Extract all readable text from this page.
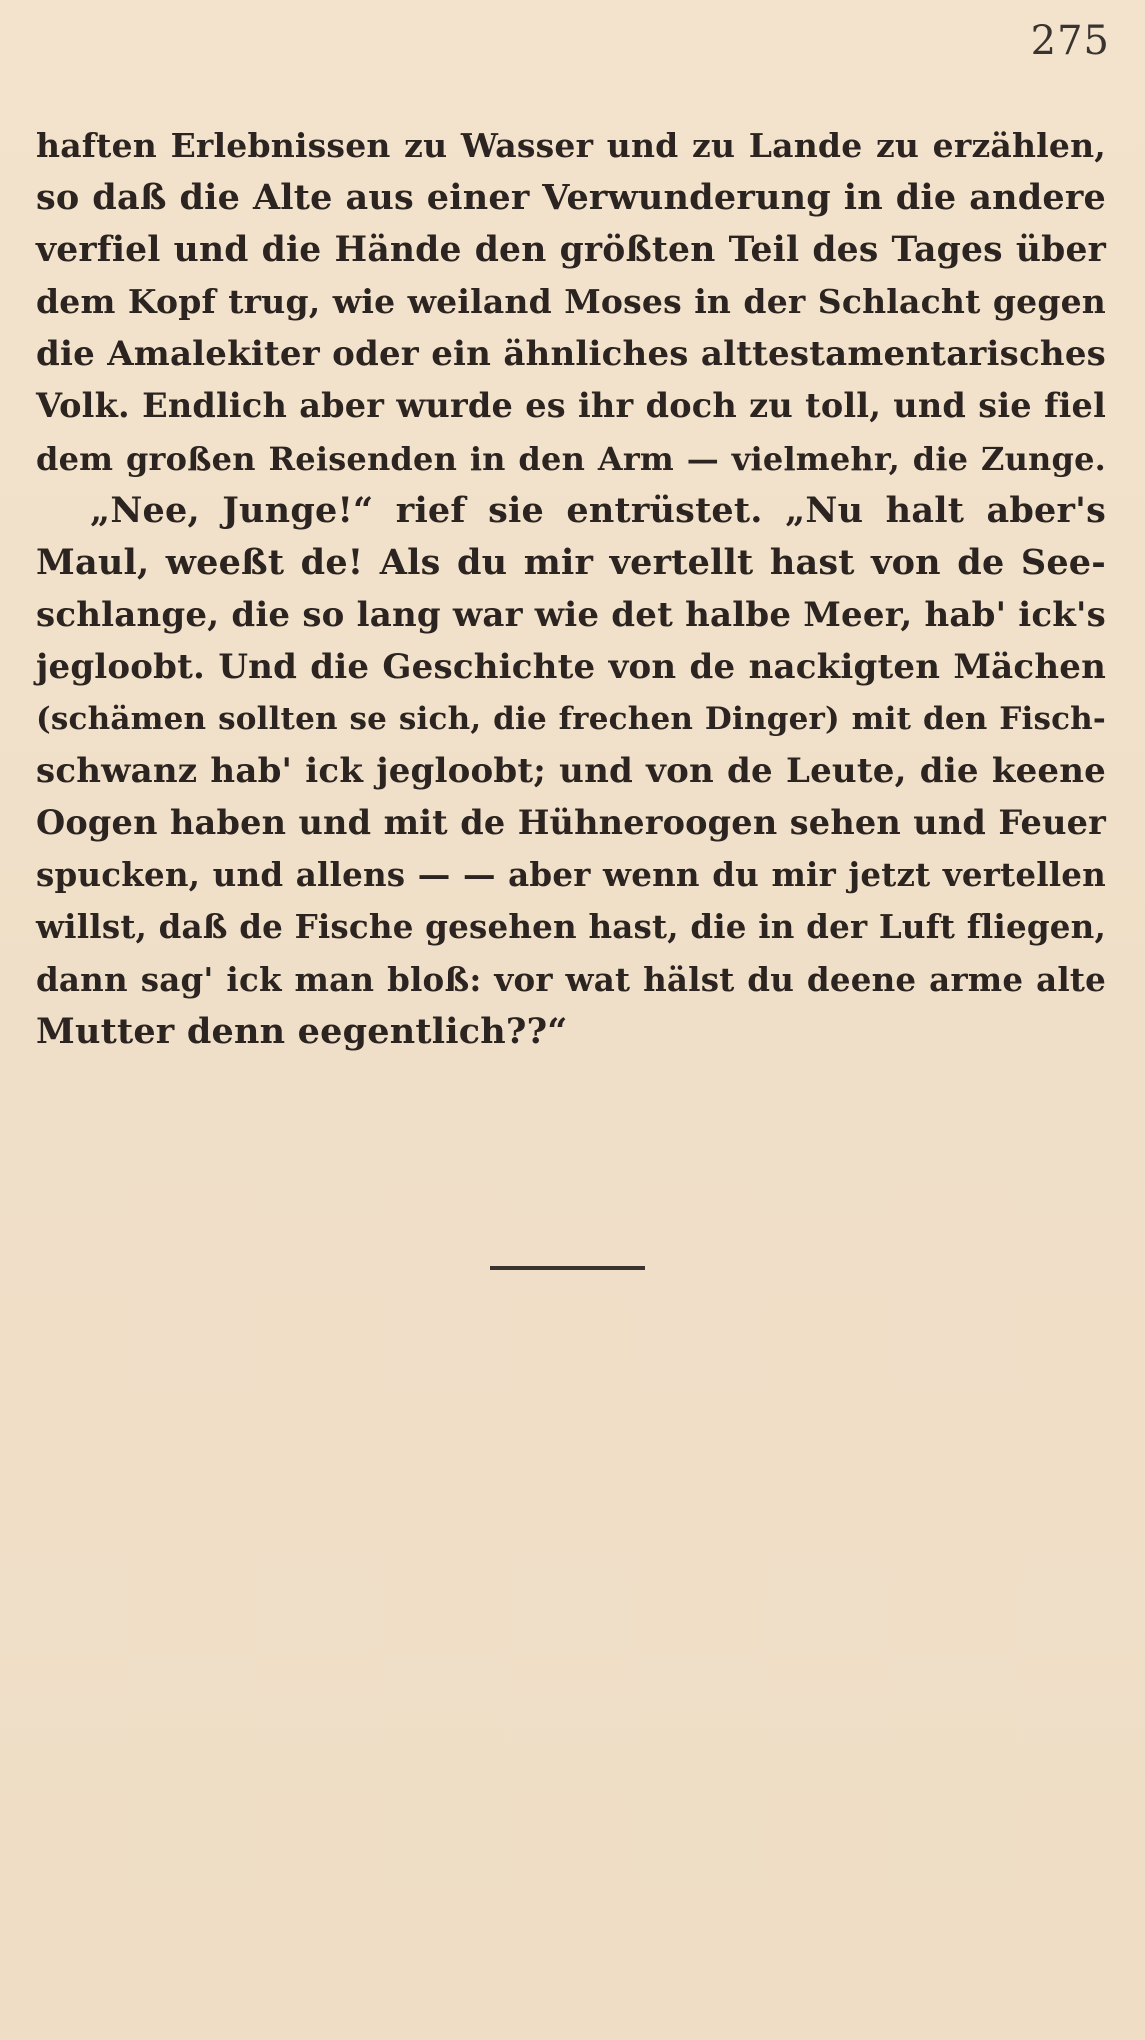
275
haften Erlebnissen zu Wasser und zu Lande zu erzählen,
so daß die Alte aus einer Verwunderung in die andere
verfiel und die Hände den größten Teil des Tages über
dem Kopf trug, wie weiland Moses in der Schlacht gegen
die Amalekiter oder ein ähnliches alttestamentarisches
Volk. Endlich aber wurde es ihr doch zu toll, und sie fiel
dem großen Reisenden in den Arm — vielmehr, die Zunge.
„Nee, Junge!“ rief sie entrüstet. „Nu halt aber's
Maul, weeßt de! Als du mir vertellt hast von de See-
schlange, die so lang war wie det halbe Meer, hab' ick's
jegloobt. Und die Geschichte von de nackigten Mächen
(schämen sollten se sich, die frechen Dinger) mit den Fisch-
schwanz hab' ick jegloobt; und von de Leute, die keene
Oogen haben und mit de Hühneroogen sehen und Feuer
spucken, und allens — — aber wenn du mir jetzt vertellen
willst, daß de Fische gesehen hast, die in der Luft fliegen,
dann sag' ick man bloß: vor wat hälst du deene arme alte
Mutter denn eegentlich??“
